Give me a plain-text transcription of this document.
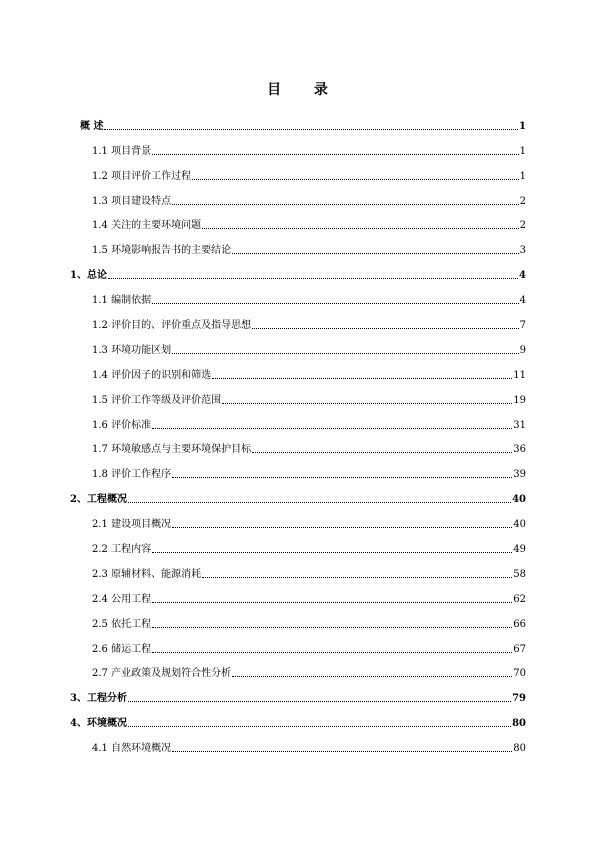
目 录
概 述	1
1.1 项目背景	1
1.2 项目评价工作过程	1
1.3 项目建设特点	2
1.4 关注的主要环境问题	2
1.5 环境影响报告书的主要结论	3
1、总论	4
1.1 编制依据	4
1.2 评价目的、评价重点及指导思想	7
1.3 环境功能区划	9
1.4 评价因子的识别和筛选	11
1.5 评价工作等级及评价范围	19
1.6 评价标准	31
1.7 环境敏感点与主要环境保护目标	36
1.8 评价工作程序	39
2、工程概况	40
2.1 建设项目概况	40
2.2 工程内容	49
2.3 原辅材料、能源消耗	58
2.4 公用工程	62
2.5 依托工程	66
2.6 储运工程	67
2.7 产业政策及规划符合性分析	70
3、工程分析	79
4、环境概况	80
4.1 自然环境概况	80
